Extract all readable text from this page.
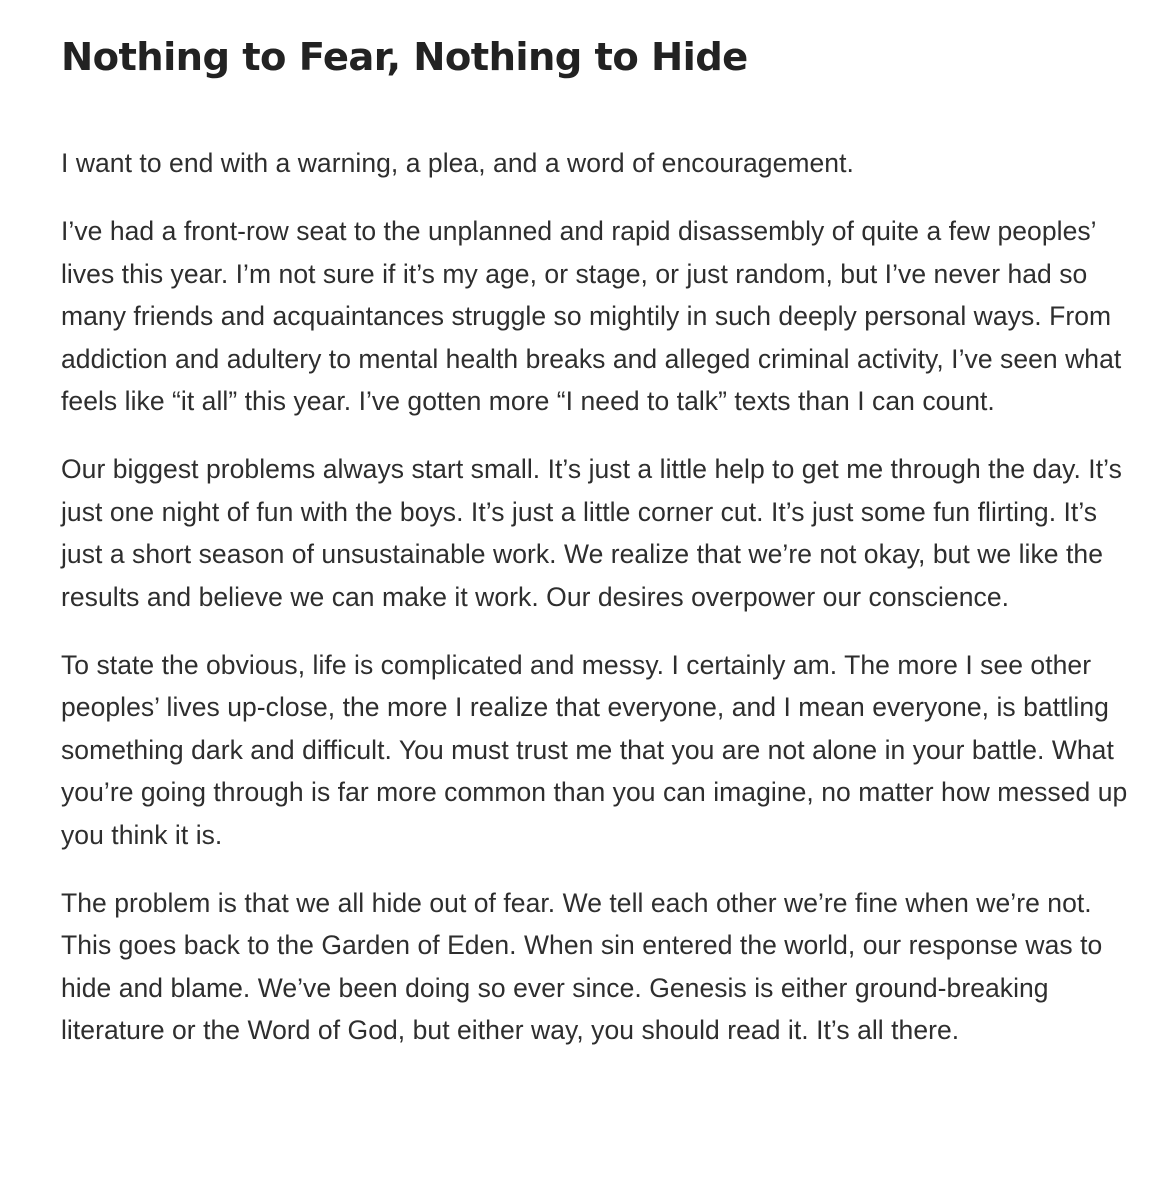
Nothing to Fear, Nothing to Hide

I want to end with a warning, a plea, and a word of encouragement.

I’ve had a front-row seat to the unplanned and rapid disassembly of quite a few peoples’ lives this year. I’m not sure if it’s my age, or stage, or just random, but I’ve never had so many friends and acquaintances struggle so mightily in such deeply personal ways. From addiction and adultery to mental health breaks and alleged criminal activity, I’ve seen what feels like “it all” this year. I’ve gotten more “I need to talk” texts than I can count.

Our biggest problems always start small. It’s just a little help to get me through the day. It’s just one night of fun with the boys. It’s just a little corner cut. It’s just some fun flirting. It’s just a short season of unsustainable work. We realize that we’re not okay, but we like the results and believe we can make it work. Our desires overpower our conscience.

To state the obvious, life is complicated and messy. I certainly am. The more I see other peoples’ lives up-close, the more I realize that everyone, and I mean everyone, is battling something dark and difficult. You must trust me that you are not alone in your battle. What you’re going through is far more common than you can imagine, no matter how messed up you think it is.

The problem is that we all hide out of fear. We tell each other we’re fine when we’re not. This goes back to the Garden of Eden. When sin entered the world, our response was to hide and blame. We’ve been doing so ever since. Genesis is either ground-breaking literature or the Word of God, but either way, you should read it. It’s all there.
